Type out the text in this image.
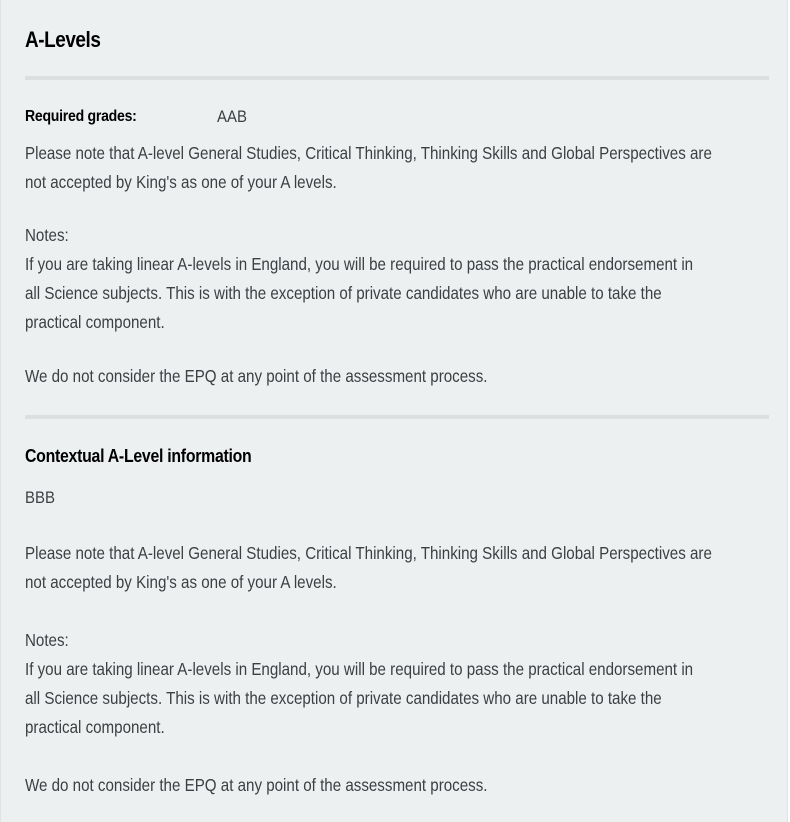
A-Levels
Required grades:	AAB

Please note that A-level General Studies, Critical Thinking, Thinking Skills and Global Perspectives are
not accepted by King's as one of your A levels.

Notes:
If you are taking linear A-levels in England, you will be required to pass the practical endorsement in
all Science subjects. This is with the exception of private candidates who are unable to take the
practical component.

We do not consider the EPQ at any point of the assessment process.

Contextual A-Level information
BBB

Please note that A-level General Studies, Critical Thinking, Thinking Skills and Global Perspectives are
not accepted by King's as one of your A levels.

Notes:
If you are taking linear A-levels in England, you will be required to pass the practical endorsement in
all Science subjects. This is with the exception of private candidates who are unable to take the
practical component.

We do not consider the EPQ at any point of the assessment process.
